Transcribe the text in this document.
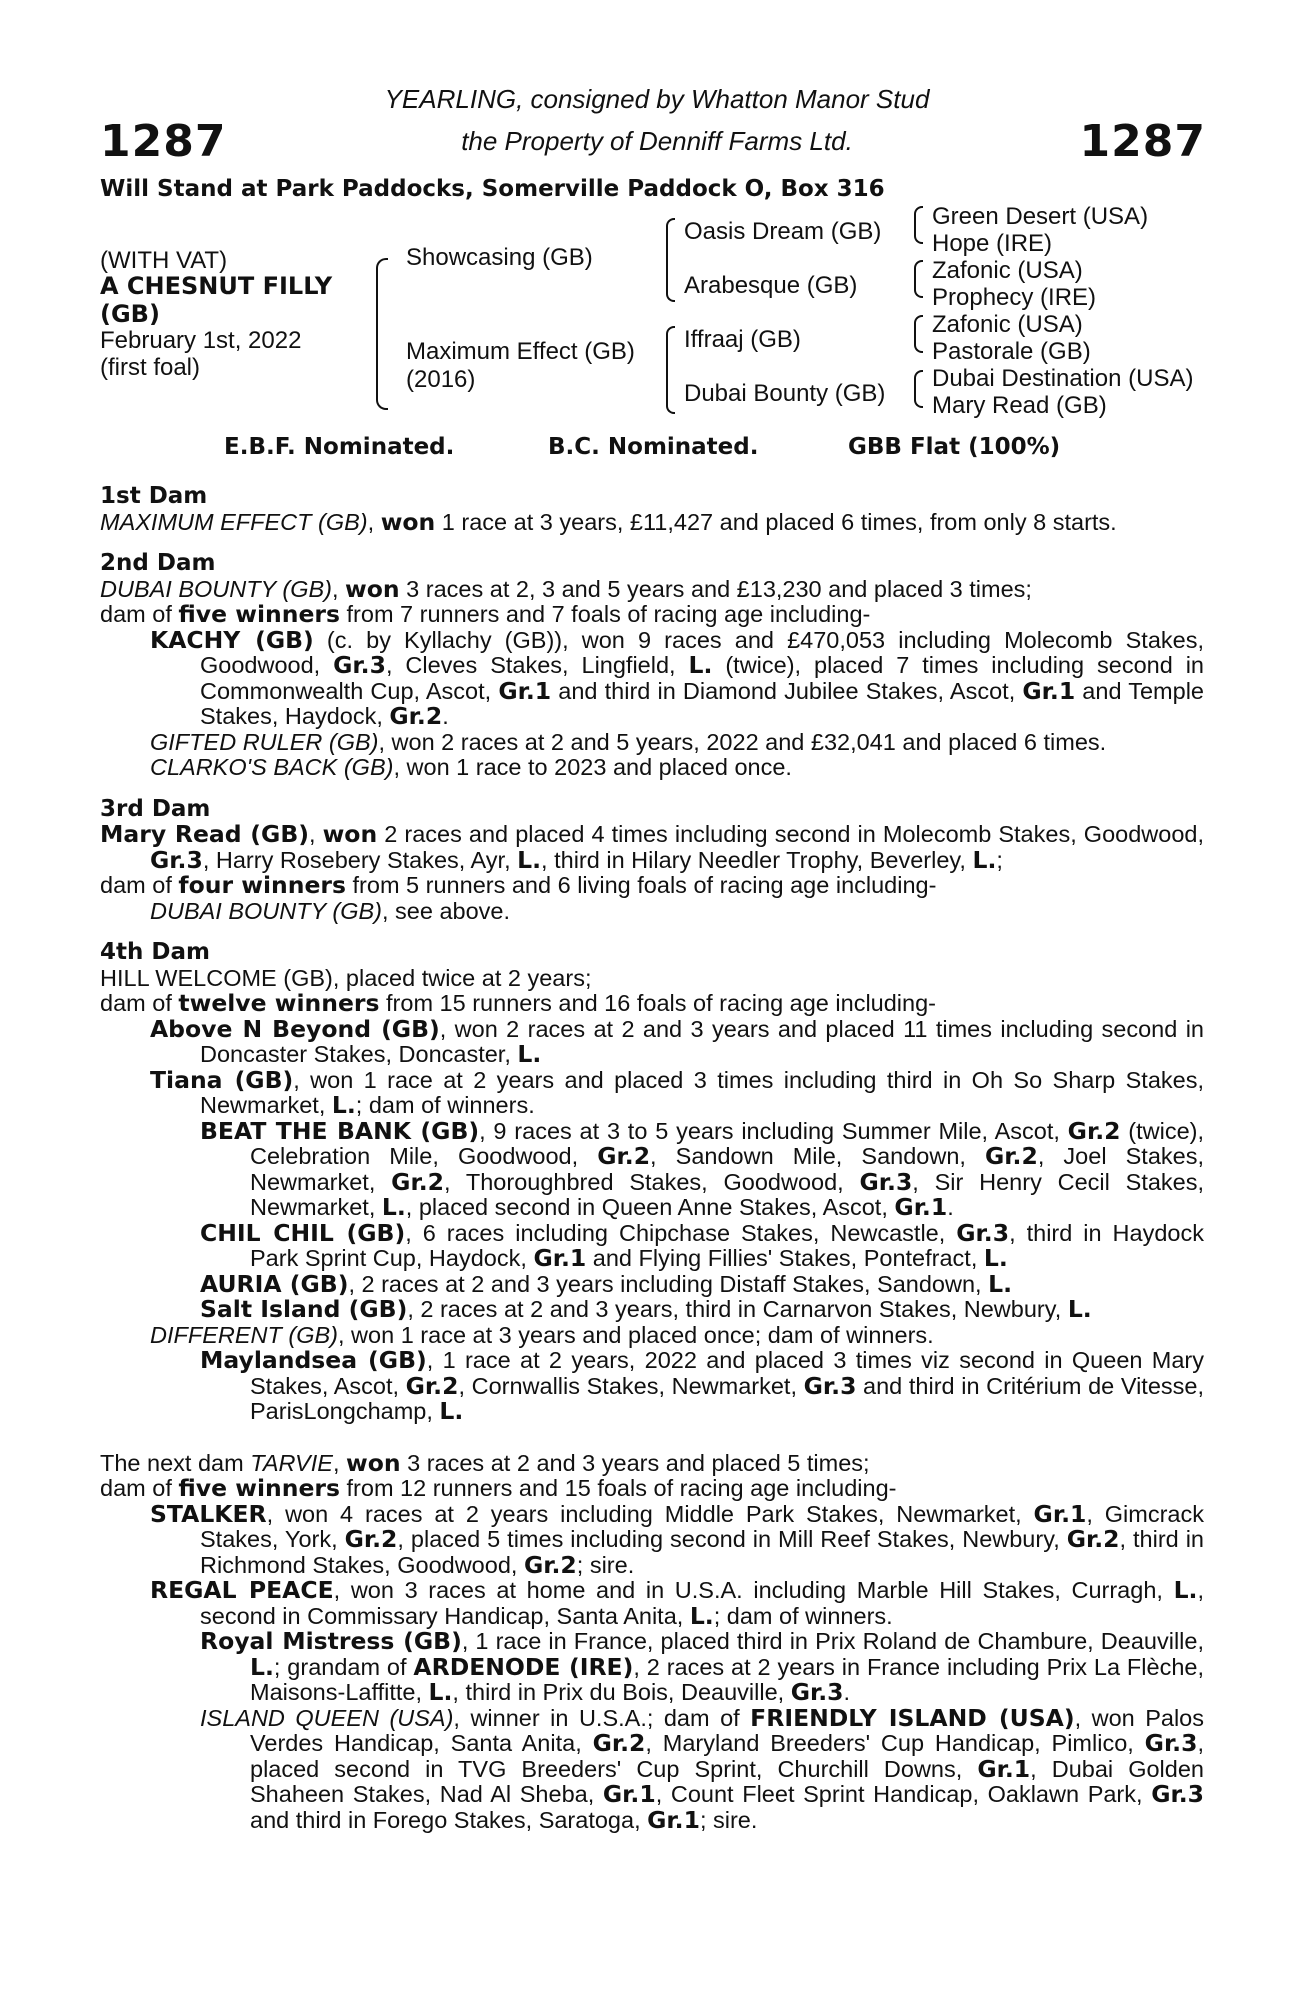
1287	1287
YEARLING, consigned by Whatton Manor Stud
the Property of Denniff Farms Ltd.
Will Stand at Park Paddocks, Somerville Paddock O, Box 316
(WITH VAT)
A CHESNUT FILLY
(GB)
February 1st, 2022
(first foal)
Showcasing (GB)
Maximum Effect (GB)
(2016)
Oasis Dream (GB)
Arabesque (GB)
Iffraaj (GB)
Dubai Bounty (GB)
Green Desert (USA)
Hope (IRE)
Zafonic (USA)
Prophecy (IRE)
Zafonic (USA)
Pastorale (GB)
Dubai Destination (USA)
Mary Read (GB)
E.B.F. Nominated.	B.C. Nominated.	GBB Flat (100%)
1st Dam

MAXIMUM EFFECT (GB), won 1 race at 3 years, £11,427 and placed 6 times, from only 8 starts.

2nd Dam

DUBAI BOUNTY (GB), won 3 races at 2, 3 and 5 years and £13,230 and placed 3 times;
dam of five winners from 7 runners and 7 foals of racing age including-

KACHY (GB) (c. by Kyllachy (GB)), won 9 races and £470,053 including Molecomb Stakes, Goodwood, Gr.3, Cleves Stakes, Lingfield, L. (twice), placed 7 times including second in Commonwealth Cup, Ascot, Gr.1 and third in Diamond Jubilee Stakes, Ascot, Gr.1 and Temple Stakes, Haydock, Gr.2.

GIFTED RULER (GB), won 2 races at 2 and 5 years, 2022 and £32,041 and placed 6 times.

CLARKO'S BACK (GB), won 1 race to 2023 and placed once.

3rd Dam

Mary Read (GB), won 2 races and placed 4 times including second in Molecomb Stakes, Goodwood, Gr.3, Harry Rosebery Stakes, Ayr, L., third in Hilary Needler Trophy, Beverley, L.;

dam of four winners from 5 runners and 6 living foals of racing age including-

DUBAI BOUNTY (GB), see above.

4th Dam

HILL WELCOME (GB), placed twice at 2 years;
dam of twelve winners from 15 runners and 16 foals of racing age including-

Above N Beyond (GB), won 2 races at 2 and 3 years and placed 11 times including second in Doncaster Stakes, Doncaster, L.

Tiana (GB), won 1 race at 2 years and placed 3 times including third in Oh So Sharp Stakes, Newmarket, L.; dam of winners.

BEAT THE BANK (GB), 9 races at 3 to 5 years including Summer Mile, Ascot, Gr.2 (twice), Celebration Mile, Goodwood, Gr.2, Sandown Mile, Sandown, Gr.2, Joel Stakes, Newmarket, Gr.2, Thoroughbred Stakes, Goodwood, Gr.3, Sir Henry Cecil Stakes, Newmarket, L., placed second in Queen Anne Stakes, Ascot, Gr.1.

CHIL CHIL (GB), 6 races including Chipchase Stakes, Newcastle, Gr.3, third in Haydock Park Sprint Cup, Haydock, Gr.1 and Flying Fillies' Stakes, Pontefract, L.

AURIA (GB), 2 races at 2 and 3 years including Distaff Stakes, Sandown, L.

Salt Island (GB), 2 races at 2 and 3 years, third in Carnarvon Stakes, Newbury, L.

DIFFERENT (GB), won 1 race at 3 years and placed once; dam of winners.

Maylandsea (GB), 1 race at 2 years, 2022 and placed 3 times viz second in Queen Mary Stakes, Ascot, Gr.2, Cornwallis Stakes, Newmarket, Gr.3 and third in Critérium de Vitesse, ParisLongchamp, L.

The next dam TARVIE, won 3 races at 2 and 3 years and placed 5 times;
dam of five winners from 12 runners and 15 foals of racing age including-

STALKER, won 4 races at 2 years including Middle Park Stakes, Newmarket, Gr.1, Gimcrack Stakes, York, Gr.2, placed 5 times including second in Mill Reef Stakes, Newbury, Gr.2, third in Richmond Stakes, Goodwood, Gr.2; sire.

REGAL PEACE, won 3 races at home and in U.S.A. including Marble Hill Stakes, Curragh, L., second in Commissary Handicap, Santa Anita, L.; dam of winners.

Royal Mistress (GB), 1 race in France, placed third in Prix Roland de Chambure, Deauville, L.; grandam of ARDENODE (IRE), 2 races at 2 years in France including Prix La Flèche, Maisons-Laffitte, L., third in Prix du Bois, Deauville, Gr.3.

ISLAND QUEEN (USA), winner in U.S.A.; dam of FRIENDLY ISLAND (USA), won Palos Verdes Handicap, Santa Anita, Gr.2, Maryland Breeders' Cup Handicap, Pimlico, Gr.3, placed second in TVG Breeders' Cup Sprint, Churchill Downs, Gr.1, Dubai Golden Shaheen Stakes, Nad Al Sheba, Gr.1, Count Fleet Sprint Handicap, Oaklawn Park, Gr.3 and third in Forego Stakes, Saratoga, Gr.1; sire.
